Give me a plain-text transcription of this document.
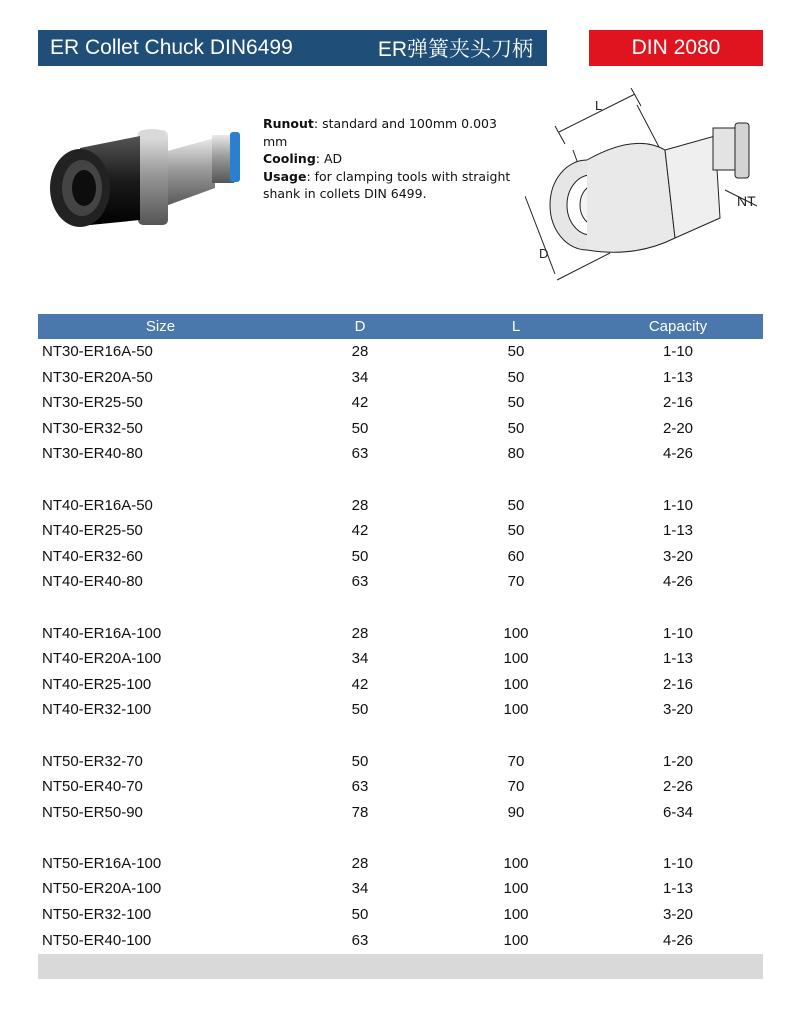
ER Collet Chuck DIN6499	ER弹簧夹头刀柄	DIN 2080
Runout: standard and 100mm 0.003 mm
Cooling: AD
Usage: for clamping tools with straight shank in collets DIN 6499.
L
D
NT
Size	D	L	Capacity
NT30-ER16A-50	28	50	1-10
NT30-ER20A-50	34	50	1-13
NT30-ER25-50	42	50	2-16
NT30-ER32-50	50	50	2-20
NT30-ER40-80	63	80	4-26
NT40-ER16A-50	28	50	1-10
NT40-ER25-50	42	50	1-13
NT40-ER32-60	50	60	3-20
NT40-ER40-80	63	70	4-26
NT40-ER16A-100	28	100	1-10
NT40-ER20A-100	34	100	1-13
NT40-ER25-100	42	100	2-16
NT40-ER32-100	50	100	3-20
NT50-ER32-70	50	70	1-20
NT50-ER40-70	63	70	2-26
NT50-ER50-90	78	90	6-34
NT50-ER16A-100	28	100	1-10
NT50-ER20A-100	34	100	1-13
NT50-ER32-100	50	100	3-20
NT50-ER40-100	63	100	4-26
